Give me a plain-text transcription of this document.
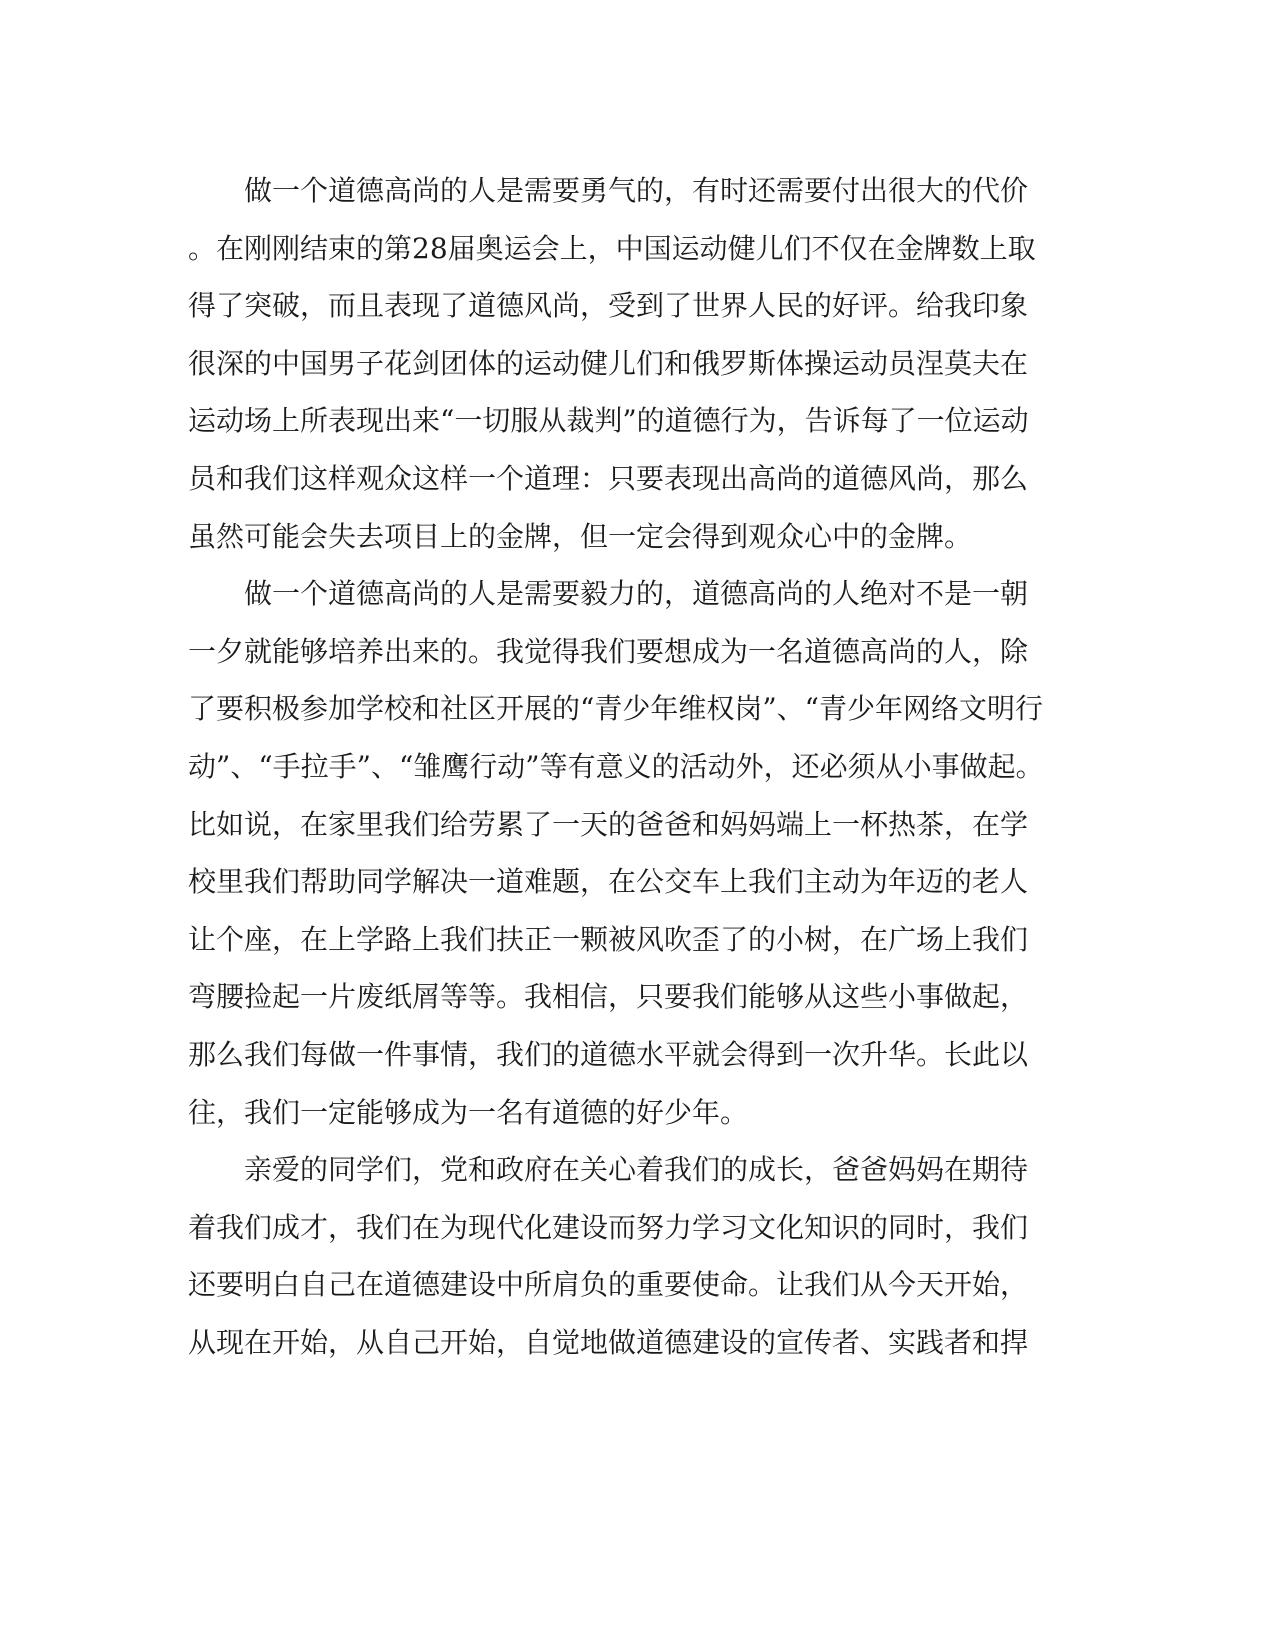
　　做一个道德高尚的人是需要勇气的，有时还需要付出很大的代价
。在刚刚结束的第28届奥运会上，中国运动健儿们不仅在金牌数上取
得了突破，而且表现了道德风尚，受到了世界人民的好评。给我印象
很深的中国男子花剑团体的运动健儿们和俄罗斯体操运动员涅莫夫在
运动场上所表现出来“一切服从裁判”的道德行为，告诉每了一位运动
员和我们这样观众这样一个道理：只要表现出高尚的道德风尚，那么
虽然可能会失去项目上的金牌，但一定会得到观众心中的金牌。
　　做一个道德高尚的人是需要毅力的，道德高尚的人绝对不是一朝
一夕就能够培养出来的。我觉得我们要想成为一名道德高尚的人，除
了要积极参加学校和社区开展的“青少年维权岗”、“青少年网络文明行
动”、“手拉手”、“雏鹰行动”等有意义的活动外，还必须从小事做起。
比如说，在家里我们给劳累了一天的爸爸和妈妈端上一杯热茶，在学
校里我们帮助同学解决一道难题，在公交车上我们主动为年迈的老人
让个座，在上学路上我们扶正一颗被风吹歪了的小树，在广场上我们
弯腰捡起一片废纸屑等等。我相信，只要我们能够从这些小事做起，
那么我们每做一件事情，我们的道德水平就会得到一次升华。长此以
往，我们一定能够成为一名有道德的好少年。
　　亲爱的同学们，党和政府在关心着我们的成长，爸爸妈妈在期待
着我们成才，我们在为现代化建设而努力学习文化知识的同时，我们
还要明白自己在道德建设中所肩负的重要使命。让我们从今天开始，
从现在开始，从自己开始，自觉地做道德建设的宣传者、实践者和捍
